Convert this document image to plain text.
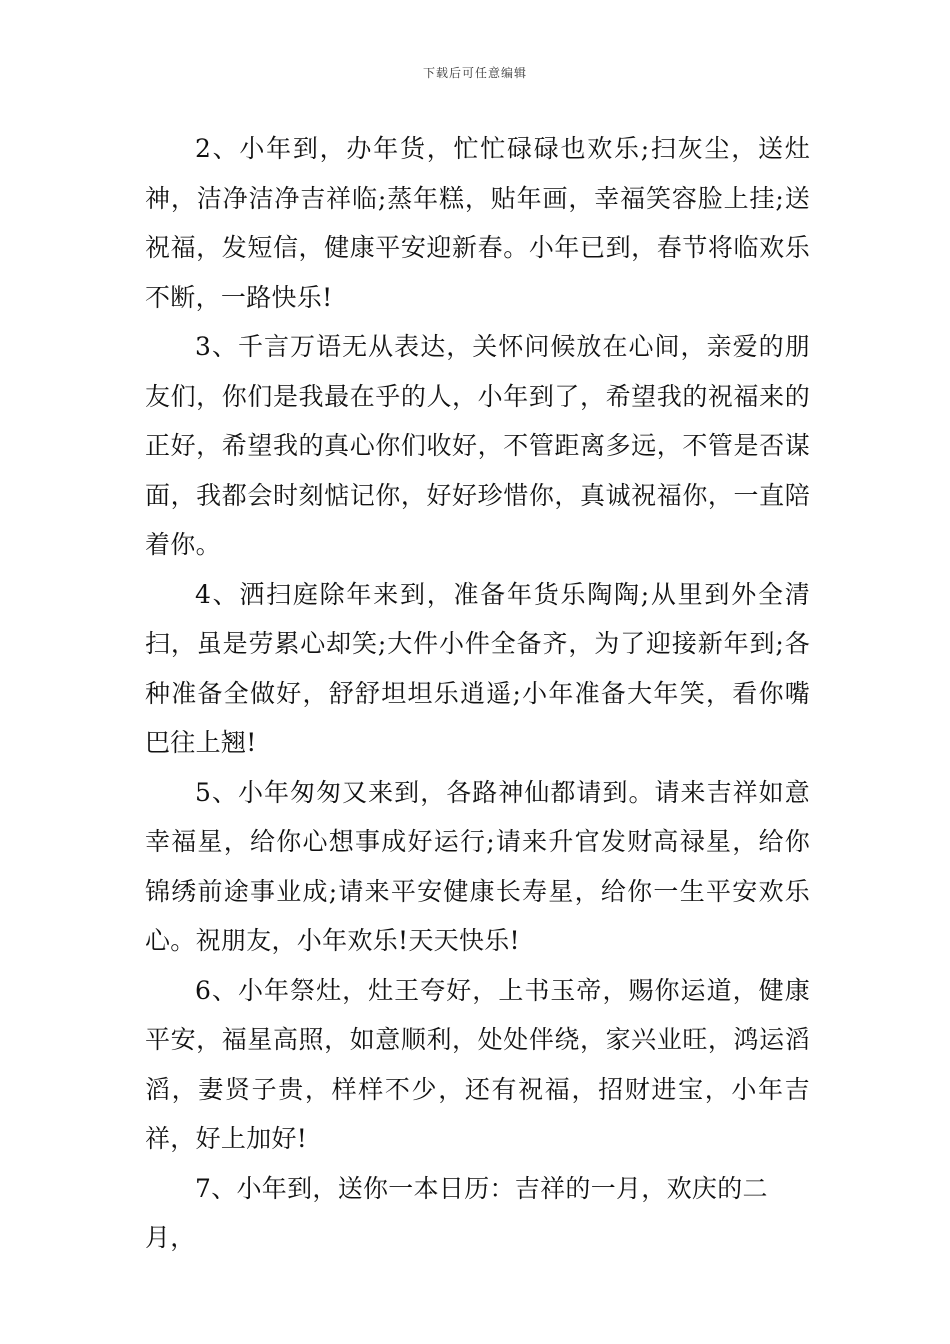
下载后可任意编辑

2、小年到，办年货，忙忙碌碌也欢乐;扫灰尘，送灶神，洁净洁净吉祥临;蒸年糕，贴年画，幸福笑容脸上挂;送祝福，发短信，健康平安迎新春。小年已到，春节将临欢乐不断，一路快乐!

3、千言万语无从表达，关怀问候放在心间，亲爱的朋友们，你们是我最在乎的人，小年到了，希望我的祝福来的正好，希望我的真心你们收好，不管距离多远，不管是否谋面，我都会时刻惦记你，好好珍惜你，真诚祝福你，一直陪着你。

4、洒扫庭除年来到，准备年货乐陶陶;从里到外全清扫，虽是劳累心却笑;大件小件全备齐，为了迎接新年到;各种准备全做好，舒舒坦坦乐逍遥;小年准备大年笑，看你嘴巴往上翘!

5、小年匆匆又来到，各路神仙都请到。请来吉祥如意幸福星，给你心想事成好运行;请来升官发财高禄星，给你锦绣前途事业成;请来平安健康长寿星，给你一生平安欢乐心。祝朋友，小年欢乐!天天快乐!

6、小年祭灶，灶王夸好，上书玉帝，赐你运道，健康平安，福星高照，如意顺利，处处伴绕，家兴业旺，鸿运滔滔，妻贤子贵，样样不少，还有祝福，招财进宝，小年吉祥，好上加好!

7、小年到，送你一本日历：吉祥的一月，欢庆的二月，
